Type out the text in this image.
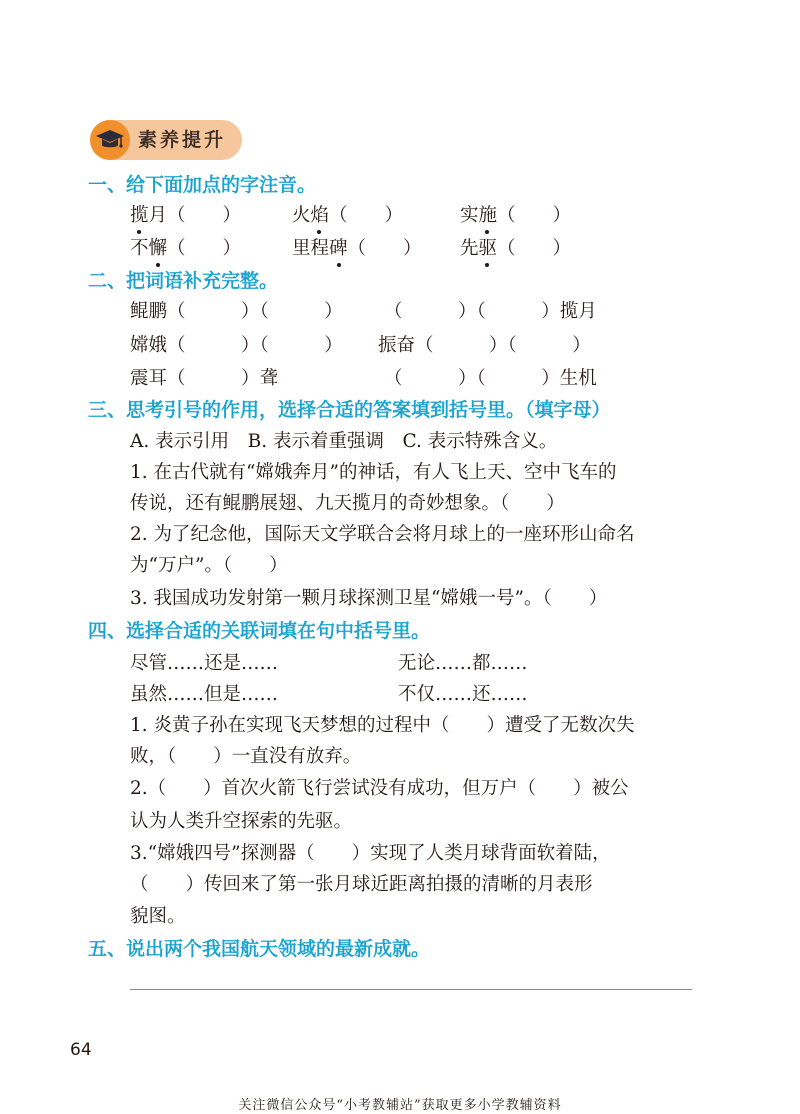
素养提升
一、给下面加点的字注音。
揽月（　　）	火焰（　　）	实施（　　）
不懈（　　）	里程碑（　　） 先驱（　　）
二、把词语补充完整。
鲲鹏（　　　）（　　　） （　　　）（　　　）揽月
嫦娥（　　　）（　　　） 振奋（　　　）（　　　）
震耳（　　　）聋	（　　　）（　　　）生机
三、思考引号的作用，选择合适的答案填到括号里。（填字母）
A. 表示引用　B. 表示着重强调　C. 表示特殊含义。
1. 在古代就有“嫦娥奔月”的神话，有人飞上天、空中飞车的
传说，还有鲲鹏展翅、九天揽月的奇妙想象。（　　）
2. 为了纪念他，国际天文学联合会将月球上的一座环形山命名
为“万户”。（　　）
3. 我国成功发射第一颗月球探测卫星“嫦娥一号”。（　　）
四、选择合适的关联词填在句中括号里。
尽管……还是……	无论……都……
虽然……但是……	不仅……还……
1. 炎黄子孙在实现飞天梦想的过程中（　　）遭受了无数次失
败，（　　）一直没有放弃。
2.（　　）首次火箭飞行尝试没有成功，但万户（　　）被公
认为人类升空探索的先驱。
3.“嫦娥四号”探测器（　　）实现了人类月球背面软着陆，
（　　）传回来了第一张月球近距离拍摄的清晰的月表形
貌图。
五、说出两个我国航天领域的最新成就。
64
关注微信公众号“小考教辅站”获取更多小学教辅资料
